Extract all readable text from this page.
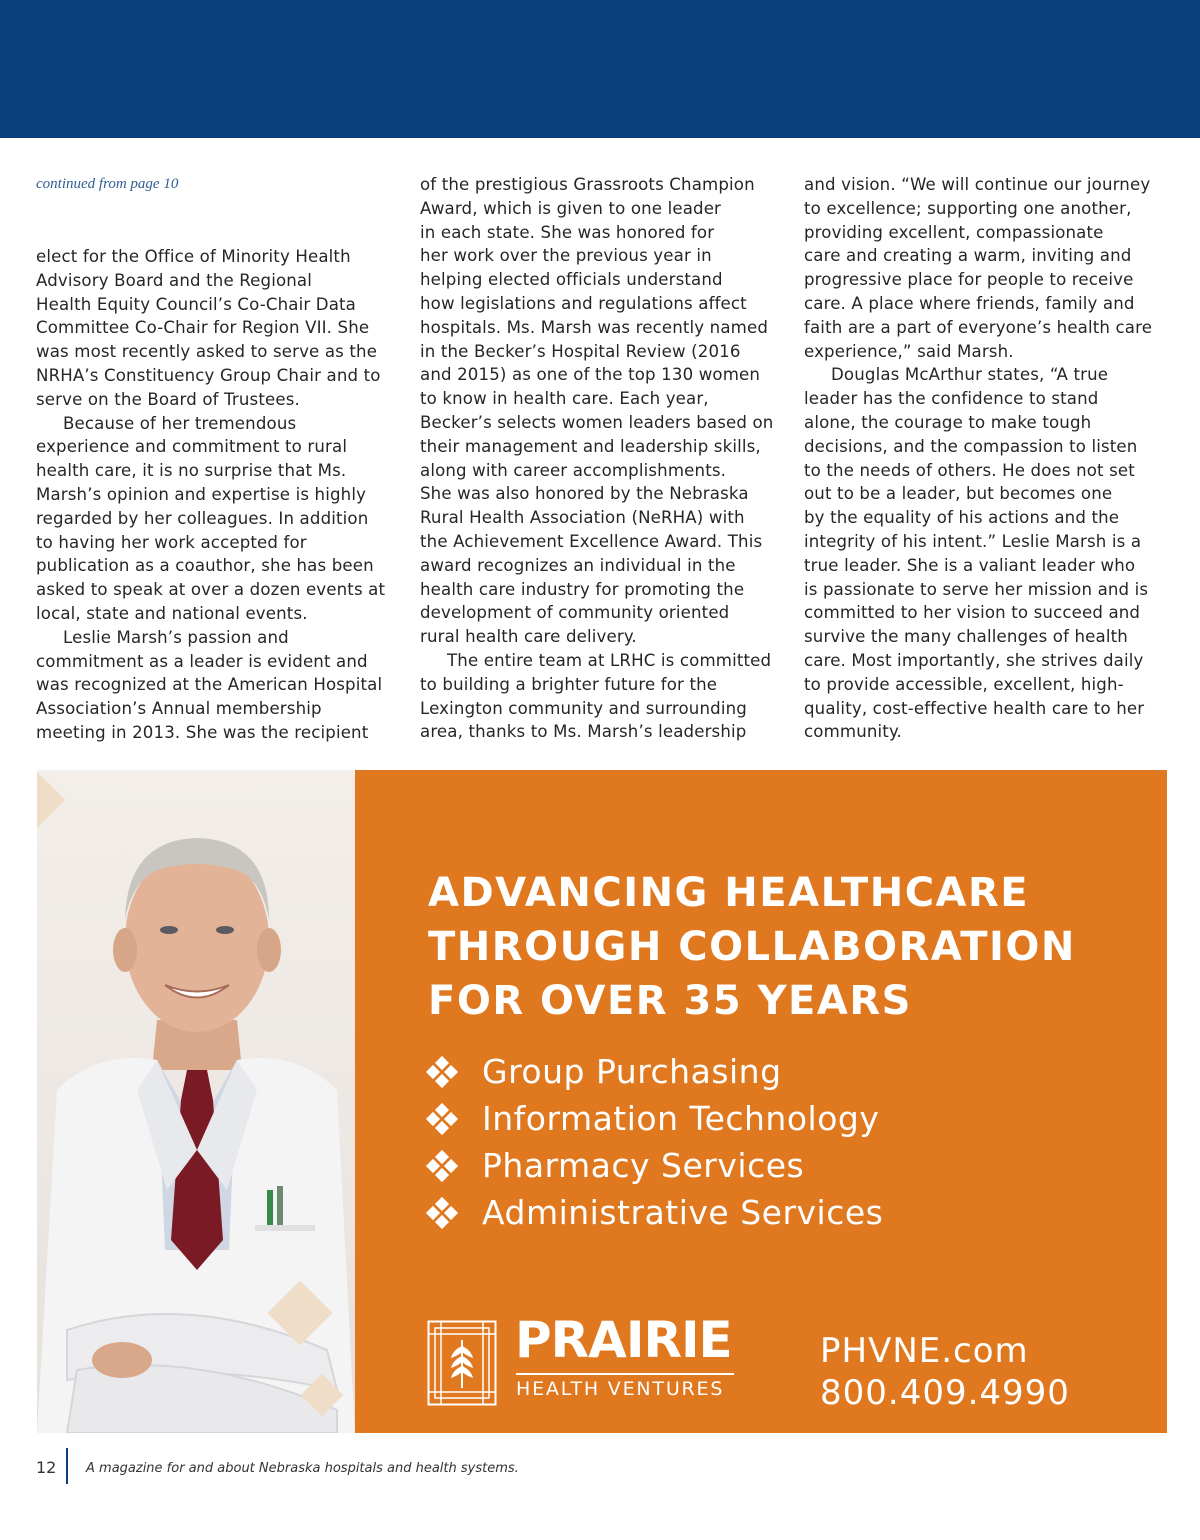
continued from page 10
elect for the Office of Minority Health
Advisory Board and the Regional
Health Equity Council’s Co-Chair Data
Committee Co-Chair for Region VII. She
was most recently asked to serve as the
NRHA’s Constituency Group Chair and to
serve on the Board of Trustees.
Because of her tremendous
experience and commitment to rural
health care, it is no surprise that Ms.
Marsh’s opinion and expertise is highly
regarded by her colleagues. In addition
to having her work accepted for
publication as a coauthor, she has been
asked to speak at over a dozen events at
local, state and national events.
Leslie Marsh’s passion and
commitment as a leader is evident and
was recognized at the American Hospital
Association’s Annual membership
meeting in 2013. She was the recipient
of the prestigious Grassroots Champion
Award, which is given to one leader
in each state. She was honored for
her work over the previous year in
helping elected officials understand
how legislations and regulations affect
hospitals. Ms. Marsh was recently named
in the Becker’s Hospital Review (2016
and 2015) as one of the top 130 women
to know in health care. Each year,
Becker’s selects women leaders based on
their management and leadership skills,
along with career accomplishments.
She was also honored by the Nebraska
Rural Health Association (NeRHA) with
the Achievement Excellence Award. This
award recognizes an individual in the
health care industry for promoting the
development of community oriented
rural health care delivery.
The entire team at LRHC is committed
to building a brighter future for the
Lexington community and surrounding
area, thanks to Ms. Marsh’s leadership
and vision. “We will continue our journey
to excellence; supporting one another,
providing excellent, compassionate
care and creating a warm, inviting and
progressive place for people to receive
care. A place where friends, family and
faith are a part of everyone’s health care
experience,” said Marsh.
Douglas McArthur states, “A true
leader has the confidence to stand
alone, the courage to make tough
decisions, and the compassion to listen
to the needs of others. He does not set
out to be a leader, but becomes one
by the equality of his actions and the
integrity of his intent.” Leslie Marsh is a
true leader. She is a valiant leader who
is passionate to serve her mission and is
committed to her vision to succeed and
survive the many challenges of health
care. Most importantly, she strives daily
to provide accessible, excellent, high-
quality, cost-effective health care to her
community.
ADVANCING HEALTHCARE
THROUGH COLLABORATION
FOR OVER 35 YEARS
Group Purchasing
Information Technology
Pharmacy Services
Administrative Services
PRAIRIE
HEALTH VENTURES
PHVNE.com
800.409.4990
12 A magazine for and about Nebraska hospitals and health systems.
